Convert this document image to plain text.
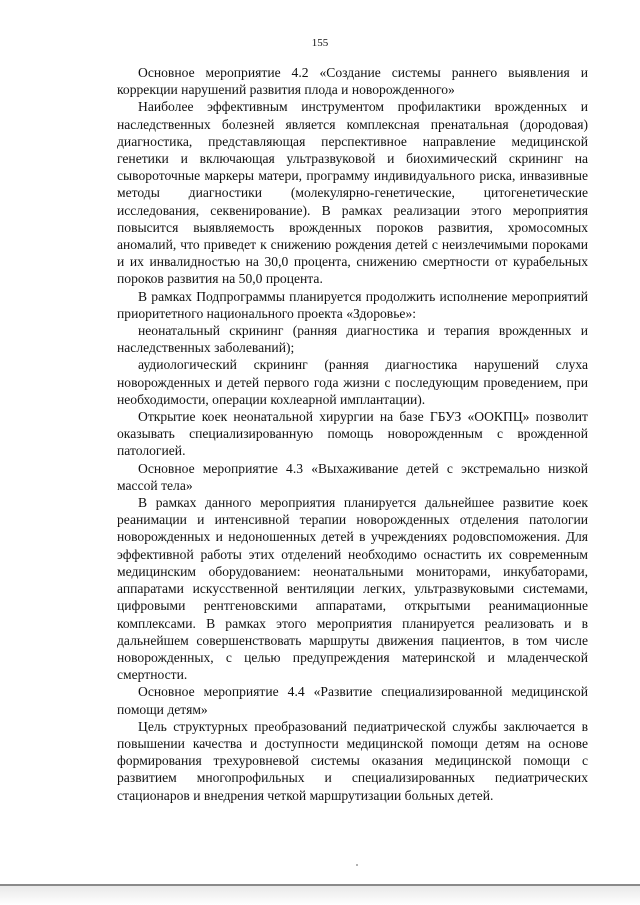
155

Основное мероприятие 4.2 «Создание системы раннего выявления и коррекции нарушений развития плода и новорожденного»

Наиболее эффективным инструментом профилактики врожденных и наследственных болезней является комплексная пренатальная (дородовая) диагностика, представляющая перспективное направление медицинской генетики и включающая ультразвуковой и биохимический скрининг на сывороточные маркеры матери, программу индивидуального риска, инвазивные методы диагностики (молекулярно-генетические, цитогенетические исследования, секвенирование). В рамках реализации этого мероприятия повысится выявляемость врожденных пороков развития, хромосомных аномалий, что приведет к снижению рождения детей с неизлечимыми пороками и их инвалидностью на 30,0 процента, снижению смертности от курабельных пороков развития на 50,0 процента.

В рамках Подпрограммы планируется продолжить исполнение мероприятий приоритетного национального проекта «Здоровье»:

неонатальный скрининг (ранняя диагностика и терапия врожденных и наследственных заболеваний);

аудиологический скрининг (ранняя диагностика нарушений слуха новорожденных и детей первого года жизни с последующим проведением, при необходимости, операции кохлеарной имплантации).

Открытие коек неонатальной хирургии на базе ГБУЗ «ООКПЦ» позволит оказывать специализированную помощь новорожденным с врожденной патологией.

Основное мероприятие 4.3 «Выхаживание детей с экстремально низкой массой тела»

В рамках данного мероприятия планируется дальнейшее развитие коек реанимации и интенсивной терапии новорожденных отделения патологии новорожденных и недоношенных детей в учреждениях родовспоможения. Для эффективной работы этих отделений необходимо оснастить их современным медицинским оборудованием: неонатальными мониторами, инкубаторами, аппаратами искусственной вентиляции легких, ультразвуковыми системами, цифровыми рентгеновскими аппаратами, открытыми реанимационные комплексами. В рамках этого мероприятия планируется реализовать и в дальнейшем совершенствовать маршруты движения пациентов, в том числе новорожденных, с целью предупреждения материнской и младенческой смертности.

Основное мероприятие 4.4 «Развитие специализированной медицинской помощи детям»

Цель структурных преобразований педиатрической службы заключается в повышении качества и доступности медицинской помощи детям на основе формирования трехуровневой системы оказания медицинской помощи с развитием многопрофильных и специализированных педиатрических стационаров и внедрения четкой маршрутизации больных детей.
